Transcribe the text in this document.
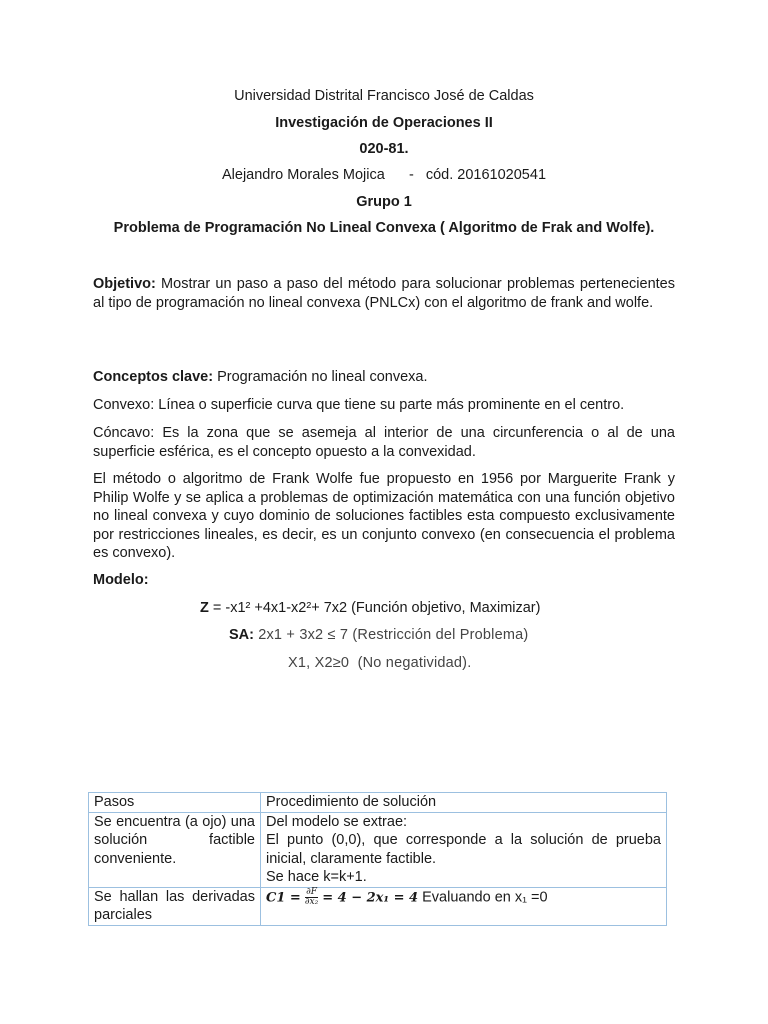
Universidad Distrital Francisco José de Caldas
Investigación de Operaciones II
020-81.
Alejandro Morales Mojica      -   cód. 20161020541
Grupo 1
Problema de Programación No Lineal Convexa ( Algoritmo de Frak and Wolfe).
Objetivo: Mostrar un paso a paso del método para solucionar problemas pertenecientes al tipo de programación no lineal convexa (PNLCx) con el algoritmo de frank and wolfe.
Conceptos clave: Programación no lineal convexa.
Convexo: Línea o superficie curva que tiene su parte más prominente en el centro.
Cóncavo: Es la zona que se asemeja al interior de una circunferencia o al de una superficie esférica, es el concepto opuesto a la convexidad.
El método o algoritmo de Frank Wolfe fue propuesto en 1956 por Marguerite Frank y Philip Wolfe y se aplica a problemas de optimización matemática con una función objetivo no lineal convexa y cuyo dominio de soluciones factibles esta compuesto exclusivamente por restricciones lineales, es decir, es un conjunto convexo (en consecuencia el problema es convexo).
Modelo:
Z = -x1² +4x1-x2²+ 7x2 (Función objetivo, Maximizar)
SA: 2x1 + 3x2 ≤ 7 (Restricción del Problema)
X1, X2≥0  (No negatividad).
Pasos	Procedimiento de solución
Se encuentra (a ojo) una solución factible conveniente.	Del modelo se extrae:
El punto (0,0), que corresponde a la solución de prueba inicial, claramente factible.
Se hace k=k+1.

Se hallan las derivadas parciales	$C1 = \frac{\partial F}{\text{∂x₂}} = 4 - 2x_1 = 4$ Evaluando en x₁ =0
